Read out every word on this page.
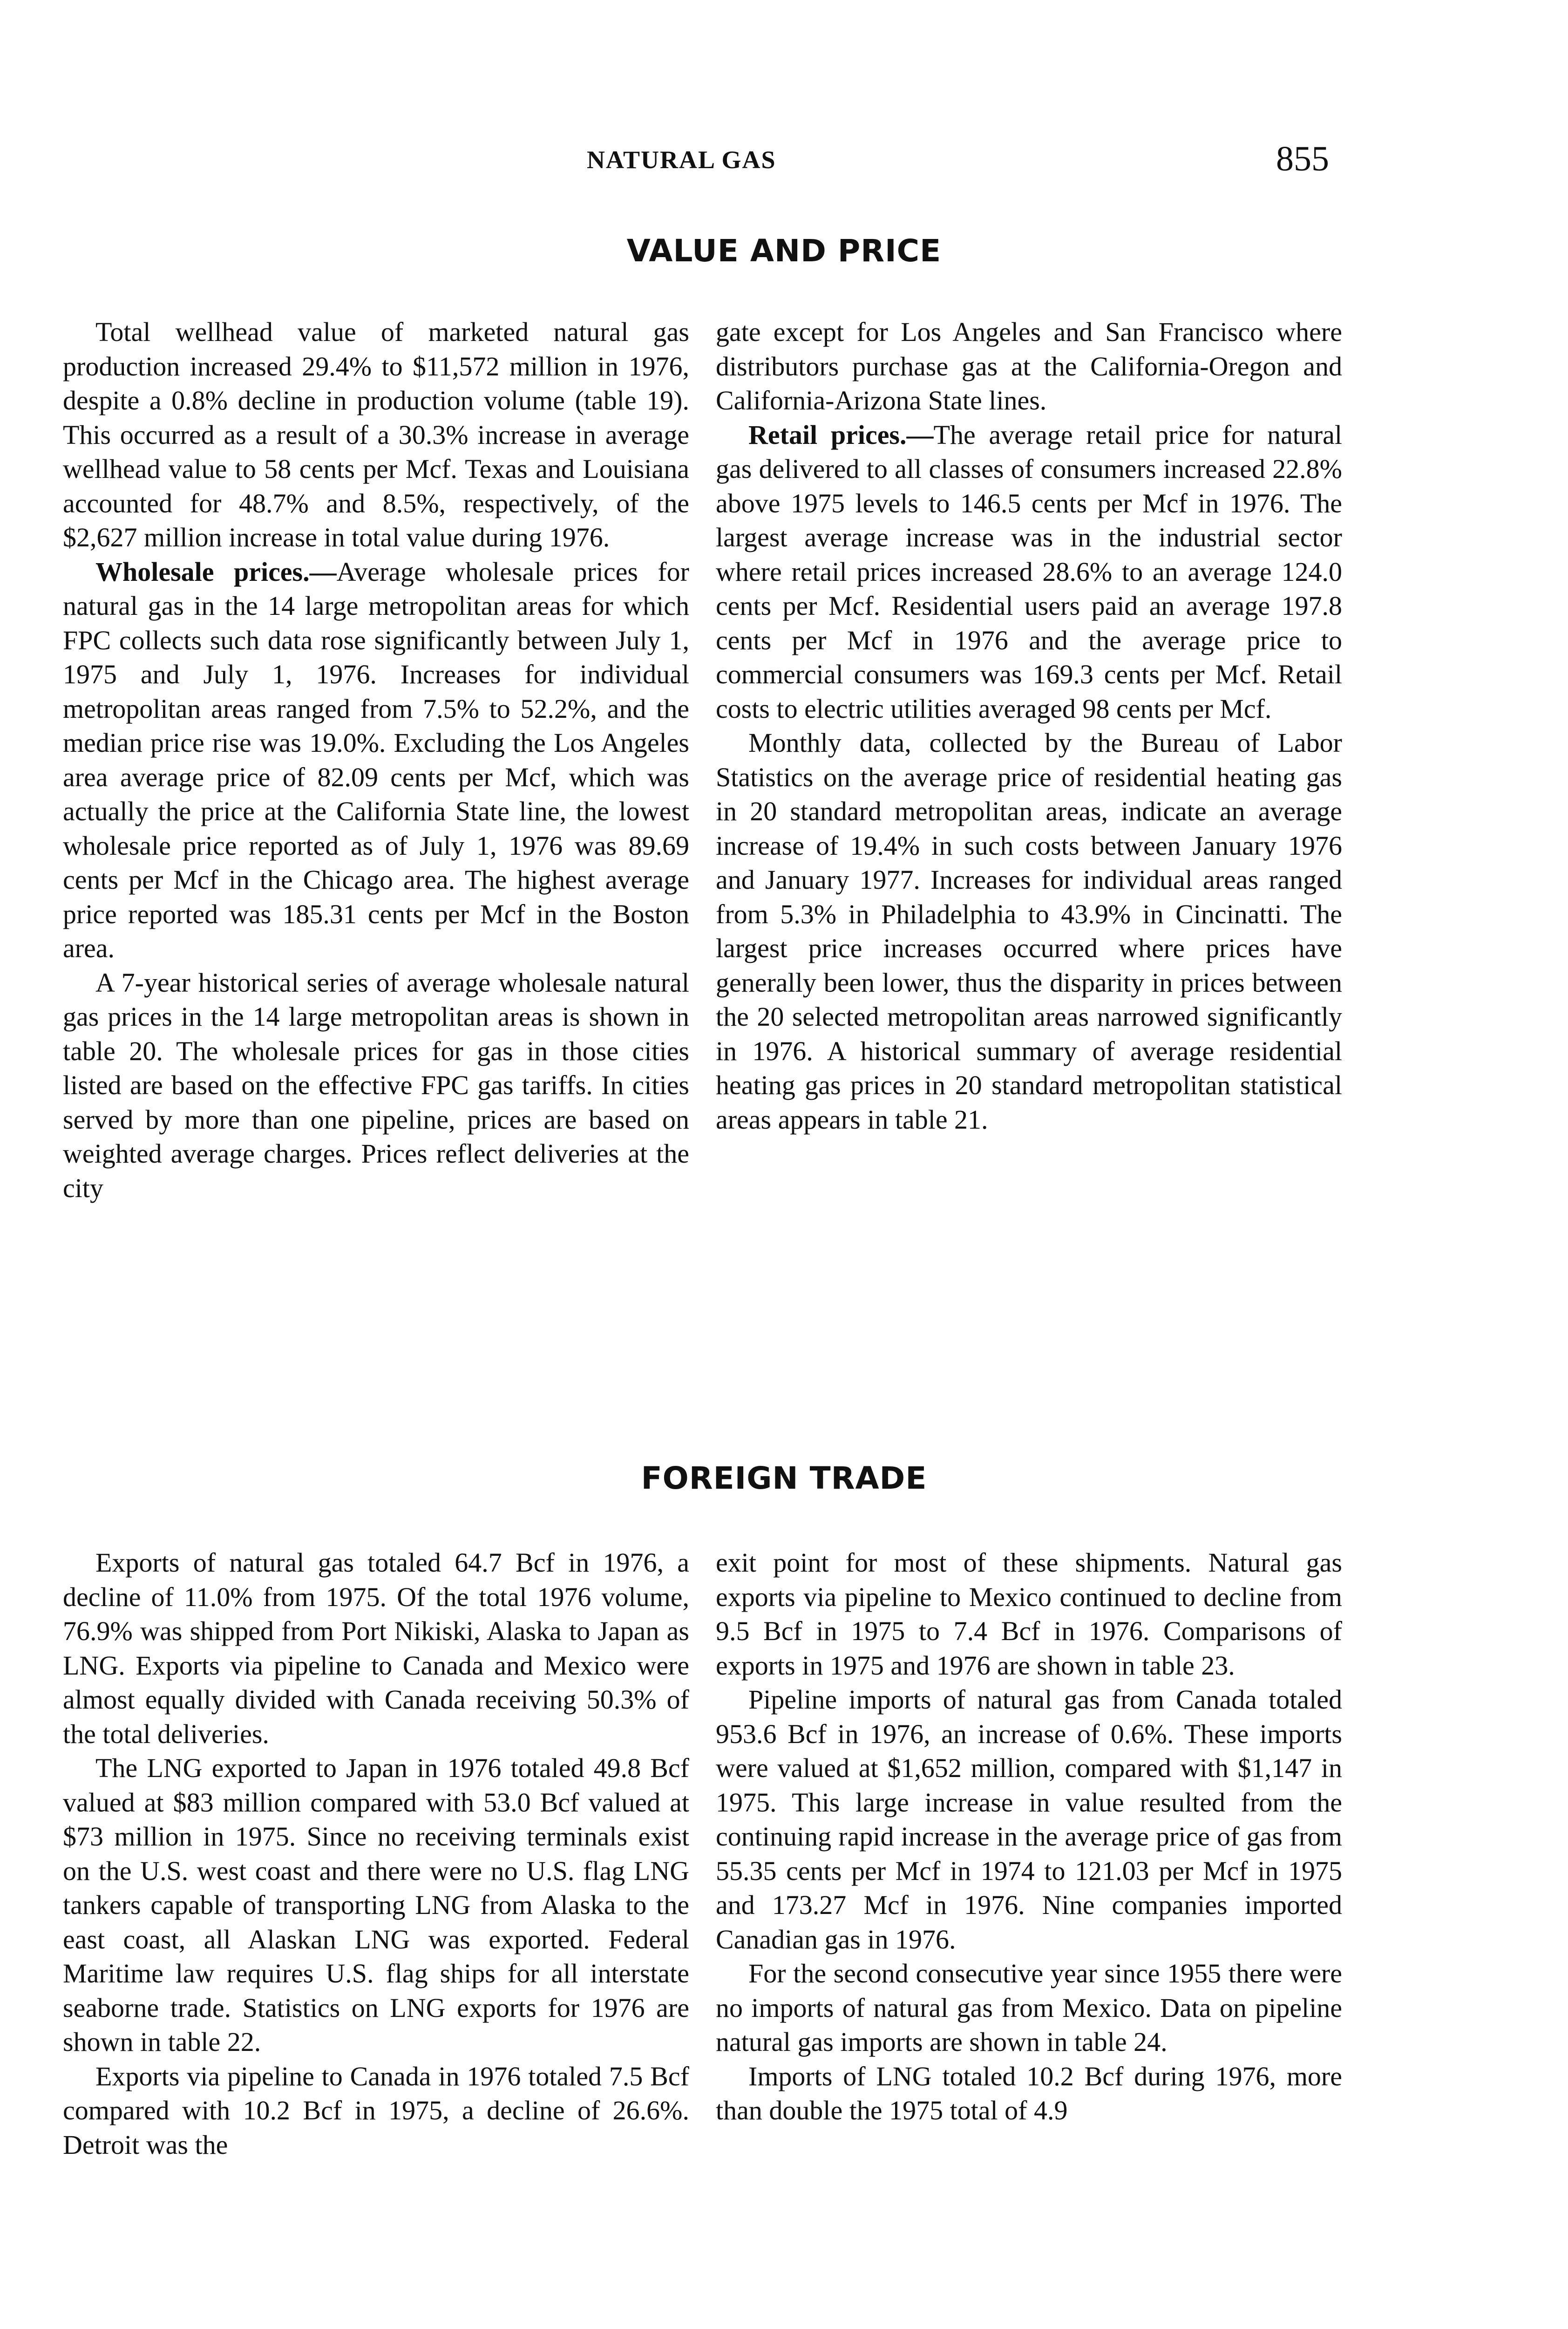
NATURAL GAS	855
VALUE AND PRICE

Total wellhead value of marketed natural gas production increased 29.4% to $11,572 million in 1976, despite a 0.8% decline in production volume (table 19). This occurred as a result of a 30.3% increase in average wellhead value to 58 cents per Mcf. Texas and Louisiana accounted for 48.7% and 8.5%, respectively, of the $2,627 million increase in total value during 1976.

Wholesale prices.—Average wholesale prices for natural gas in the 14 large metropolitan areas for which FPC collects such data rose significantly between July 1, 1975 and July 1, 1976. Increases for individual metropolitan areas ranged from 7.5% to 52.2%, and the median price rise was 19.0%. Excluding the Los Angeles area average price of 82.09 cents per Mcf, which was actually the price at the California State line, the lowest wholesale price reported as of July 1, 1976 was 89.69 cents per Mcf in the Chicago area. The highest average price reported was 185.31 cents per Mcf in the Boston area.

A 7-year historical series of average wholesale natural gas prices in the 14 large metropolitan areas is shown in table 20. The wholesale prices for gas in those cities listed are based on the effective FPC gas tariffs. In cities served by more than one pipeline, prices are based on weighted average charges. Prices reflect deliveries at the city

gate except for Los Angeles and San Francisco where distributors purchase gas at the California-Oregon and California-Arizona State lines.

Retail prices.—The average retail price for natural gas delivered to all classes of consumers increased 22.8% above 1975 levels to 146.5 cents per Mcf in 1976. The largest average increase was in the industrial sector where retail prices increased 28.6% to an average 124.0 cents per Mcf. Residential users paid an average 197.8 cents per Mcf in 1976 and the average price to commercial consumers was 169.3 cents per Mcf. Retail costs to electric utilities averaged 98 cents per Mcf.

Monthly data, collected by the Bureau of Labor Statistics on the average price of residential heating gas in 20 standard metropolitan areas, indicate an average increase of 19.4% in such costs between January 1976 and January 1977. Increases for individual areas ranged from 5.3% in Philadelphia to 43.9% in Cincinatti. The largest price increases occurred where prices have generally been lower, thus the disparity in prices between the 20 selected metropolitan areas narrowed significantly in 1976. A historical summary of average residential heating gas prices in 20 standard metropolitan statistical areas appears in table 21.

FOREIGN TRADE

Exports of natural gas totaled 64.7 Bcf in 1976, a decline of 11.0% from 1975. Of the total 1976 volume, 76.9% was shipped from Port Nikiski, Alaska to Japan as LNG. Exports via pipeline to Canada and Mexico were almost equally divided with Canada receiving 50.3% of the total deliveries.

The LNG exported to Japan in 1976 totaled 49.8 Bcf valued at $83 million compared with 53.0 Bcf valued at $73 million in 1975. Since no receiving terminals exist on the U.S. west coast and there were no U.S. flag LNG tankers capable of transporting LNG from Alaska to the east coast, all Alaskan LNG was exported. Federal Maritime law requires U.S. flag ships for all interstate seaborne trade. Statistics on LNG exports for 1976 are shown in table 22.

Exports via pipeline to Canada in 1976 totaled 7.5 Bcf compared with 10.2 Bcf in 1975, a decline of 26.6%. Detroit was the

exit point for most of these shipments. Natural gas exports via pipeline to Mexico continued to decline from 9.5 Bcf in 1975 to 7.4 Bcf in 1976. Comparisons of exports in 1975 and 1976 are shown in table 23.

Pipeline imports of natural gas from Canada totaled 953.6 Bcf in 1976, an increase of 0.6%. These imports were valued at $1,652 million, compared with $1,147 in 1975. This large increase in value resulted from the continuing rapid increase in the average price of gas from 55.35 cents per Mcf in 1974 to 121.03 per Mcf in 1975 and 173.27 Mcf in 1976. Nine companies imported Canadian gas in 1976.

For the second consecutive year since 1955 there were no imports of natural gas from Mexico. Data on pipeline natural gas imports are shown in table 24.

Imports of LNG totaled 10.2 Bcf during 1976, more than double the 1975 total of 4.9
